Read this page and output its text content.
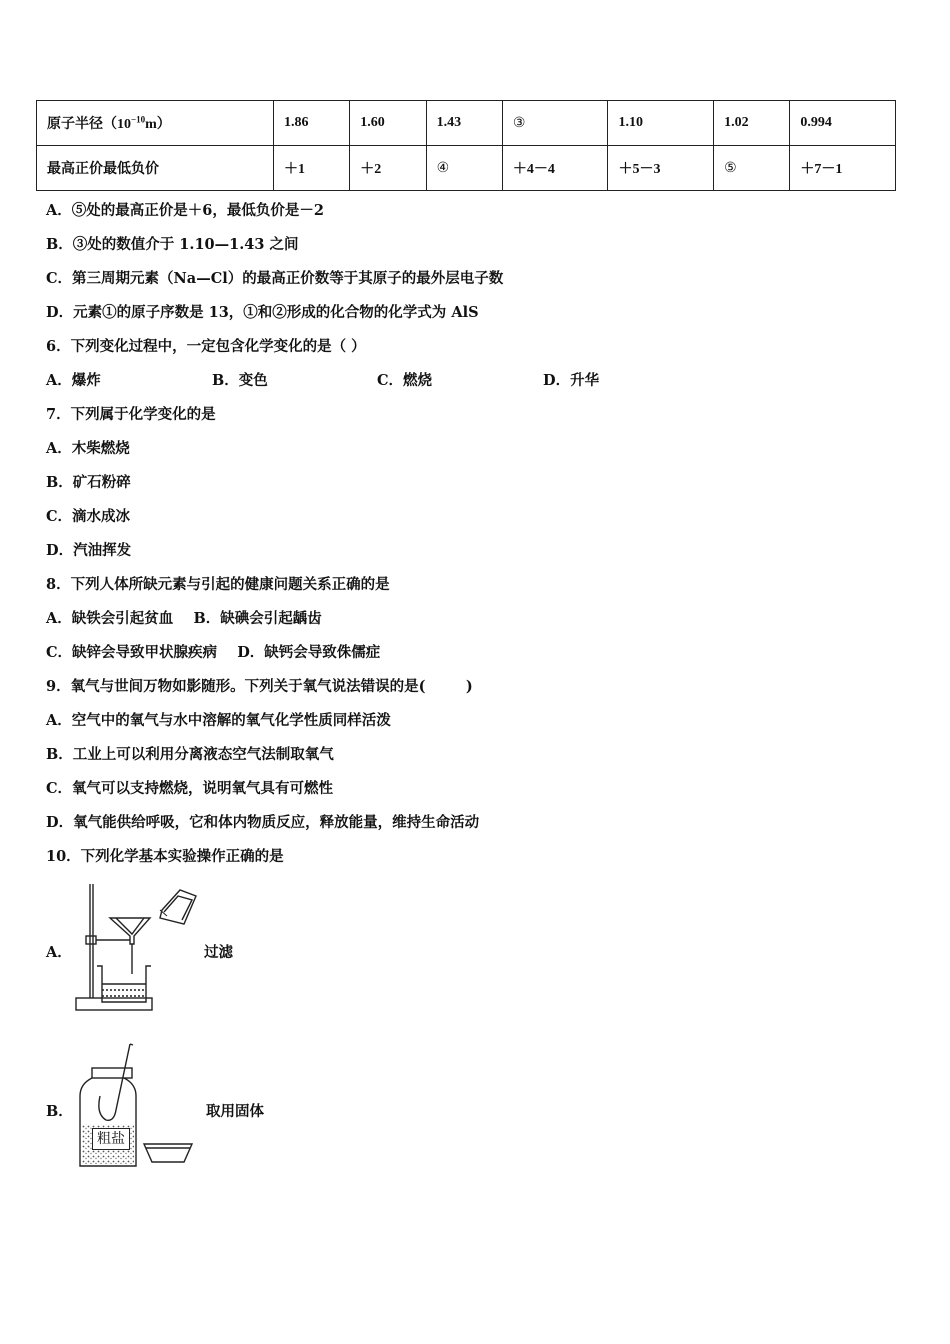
原子半径$(10^{-10}m)$	1.86	1.60	1.43	③	1.10	1.02	0.994
最高正价最低负价	＋1	＋2	④	＋4－4	＋5－3	⑤	＋7－1
A．⑤处的最高正价是＋6，最低负价是－2
B．③处的数值介于 1.10—1.43 之间
C．第三周期元素（Na—Cl）的最高正价数等于其原子的最外层电子数
D．元素①的原子序数是 13，①和②形成的化合物的化学式为 AlS
6．下列变化过程中，一定包含化学变化的是（ ）
A．爆炸	B．变色	C．燃烧	D．升华
7．下列属于化学变化的是
A．木柴燃烧
B．矿石粉碎
C．滴水成冰
D．汽油挥发
8．下列人体所缺元素与引起的健康问题关系正确的是
A．缺铁会引起贫血    B．缺碘会引起龋齿
C．缺锌会导致甲状腺疾病    D．缺钙会导致侏儒症
9．氧气与世间万物如影随形。下列关于氧气说法错误的是(        )
A．空气中的氧气与水中溶解的氧气化学性质同样活泼
B．工业上可以利用分离液态空气法制取氧气
C．氧气可以支持燃烧，说明氧气具有可燃性
D．氧气能供给呼吸，它和体内物质反应，释放能量，维持生命活动
10．下列化学基本实验操作正确的是
A．	过滤
B．
粗盐
取用固体
